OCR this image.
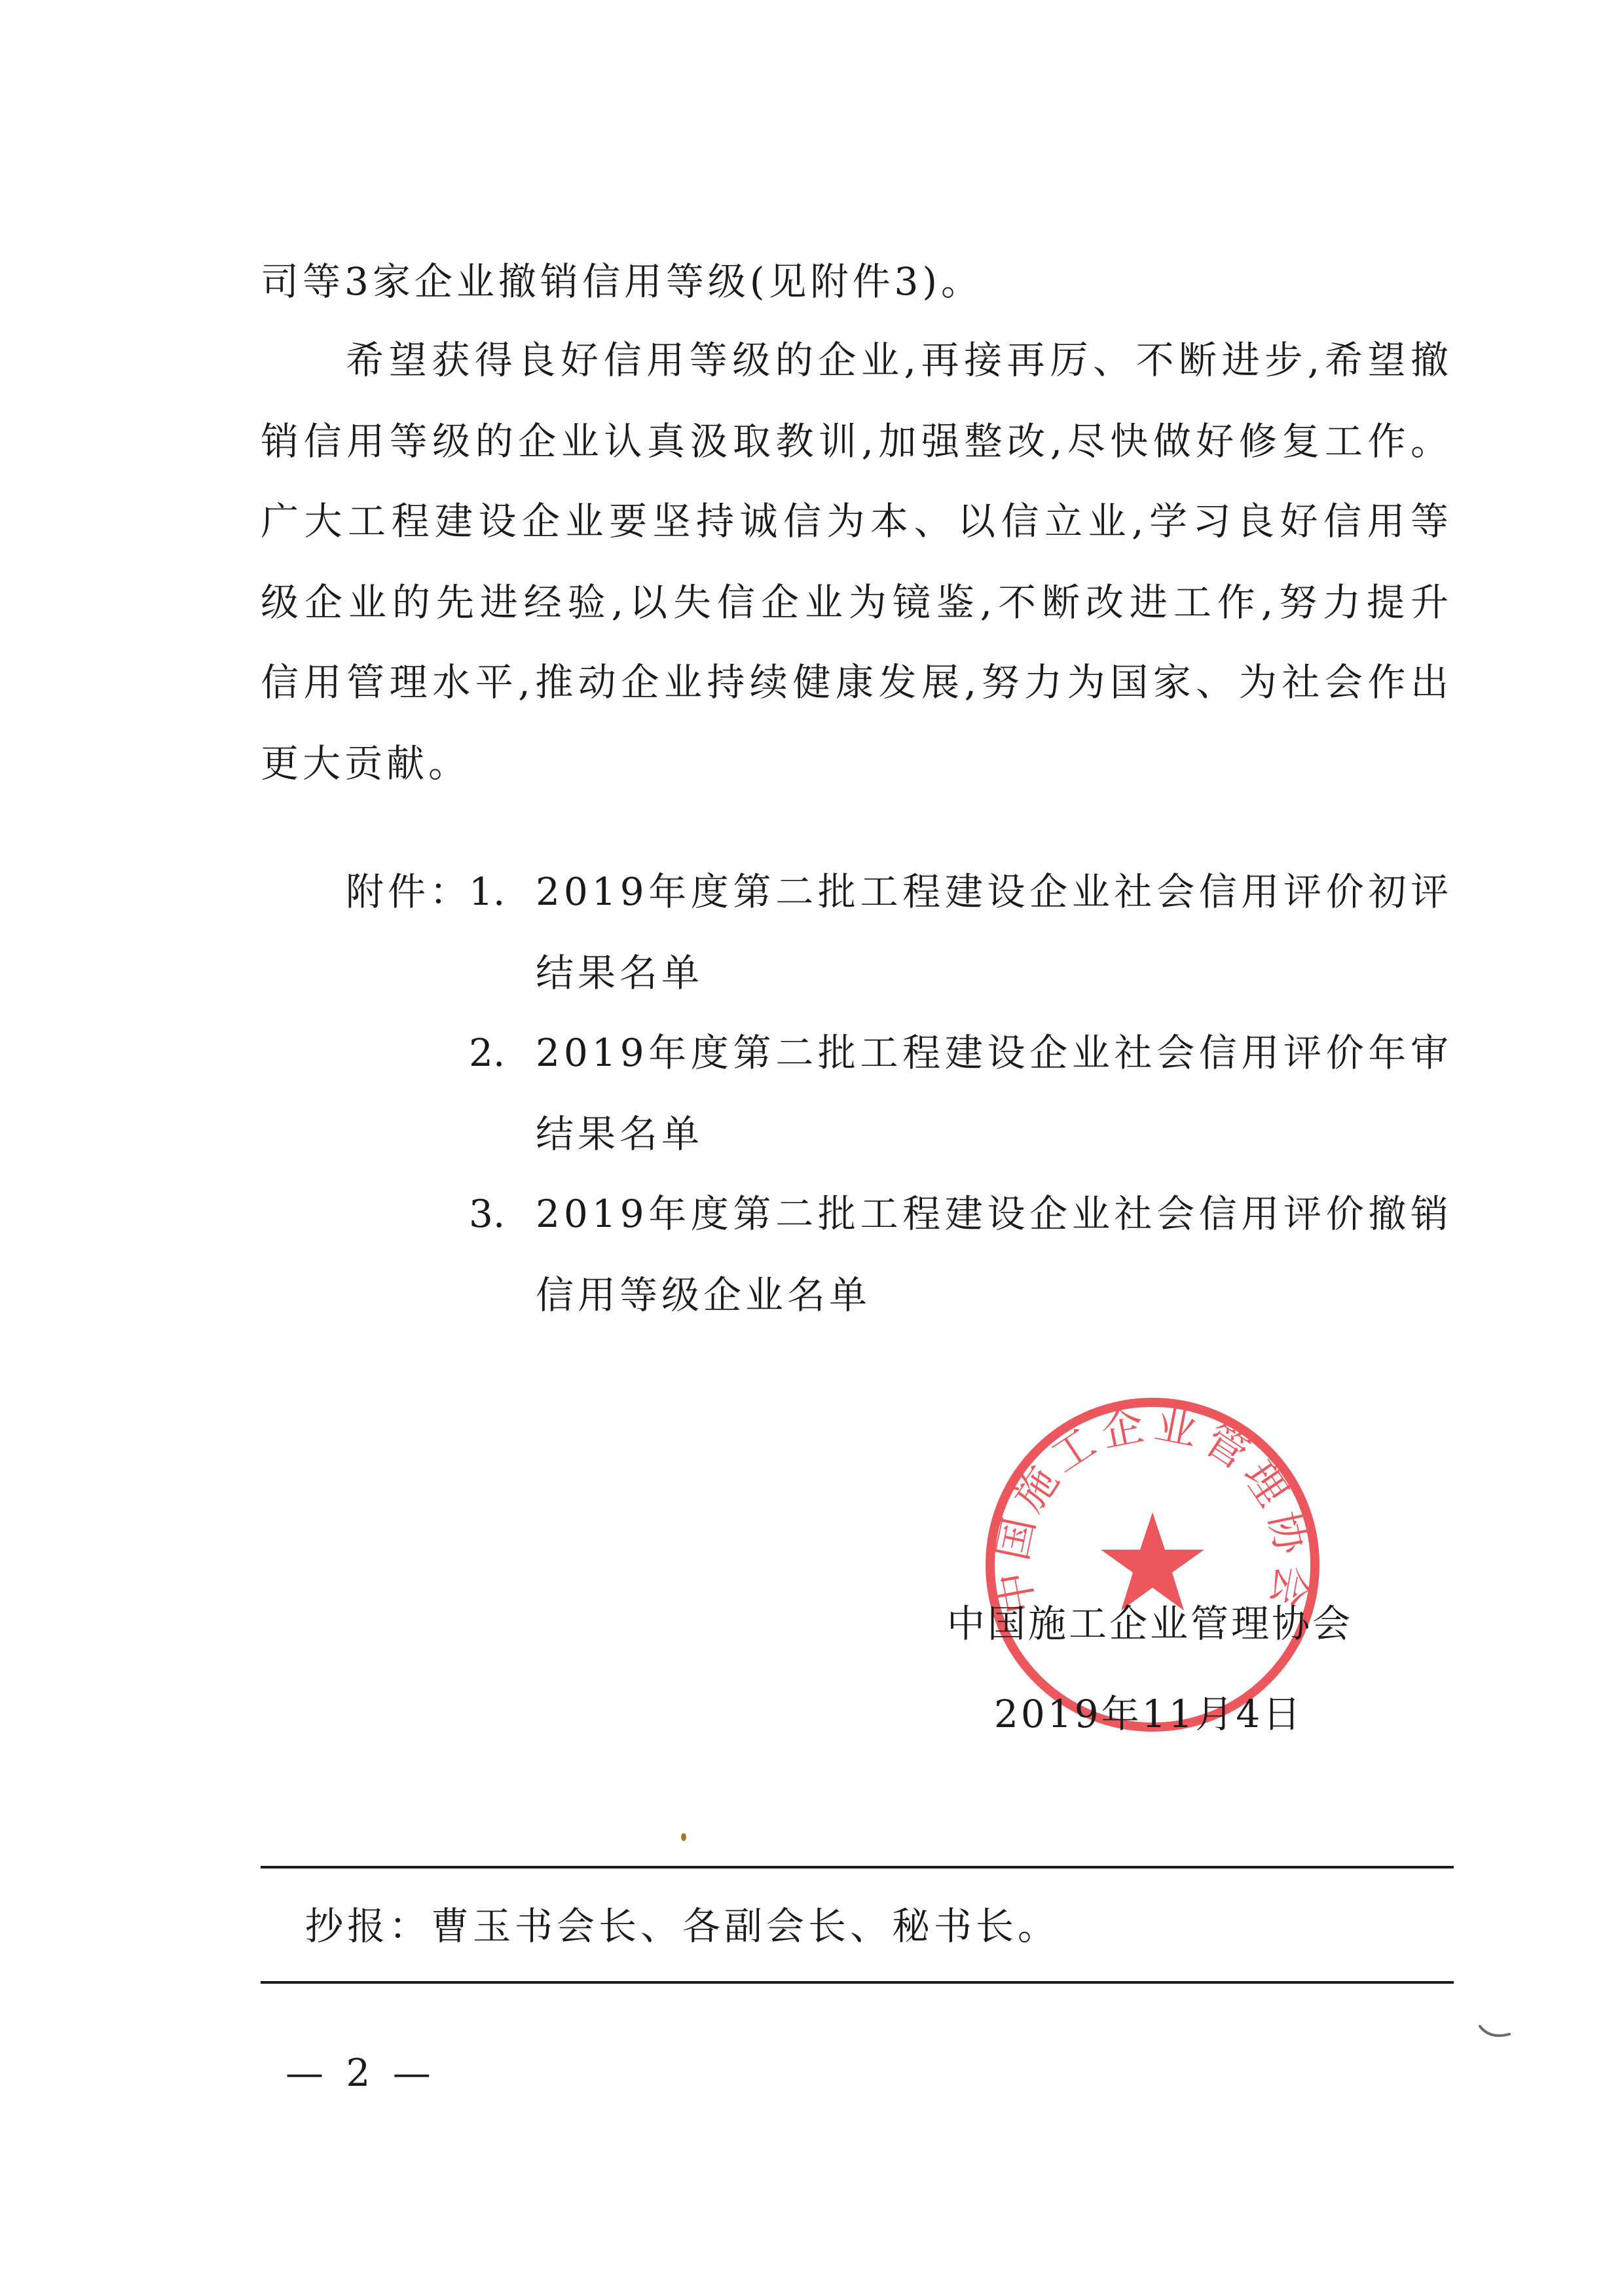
司等3家企业撤销信用等级(见附件3)。
希望获得良好信用等级的企业,再接再厉、不断进步,希望撤
销信用等级的企业认真汲取教训,加强整改,尽快做好修复工作。
广大工程建设企业要坚持诚信为本、以信立业,学习良好信用等
级企业的先进经验,以失信企业为镜鉴,不断改进工作,努力提升
信用管理水平,推动企业持续健康发展,努力为国家、为社会作出
更大贡献。
附件：
1. 2019年度第二批工程建设企业社会信用评价初评
结果名单
2. 2019年度第二批工程建设企业社会信用评价年审
结果名单
3. 2019年度第二批工程建设企业社会信用评价撤销
信用等级企业名单
中国施工企业管理协会
中国施工企业管理协会
2019年11月4日
抄报：曹玉书会长、各副会长、秘书长。
— 2 —
